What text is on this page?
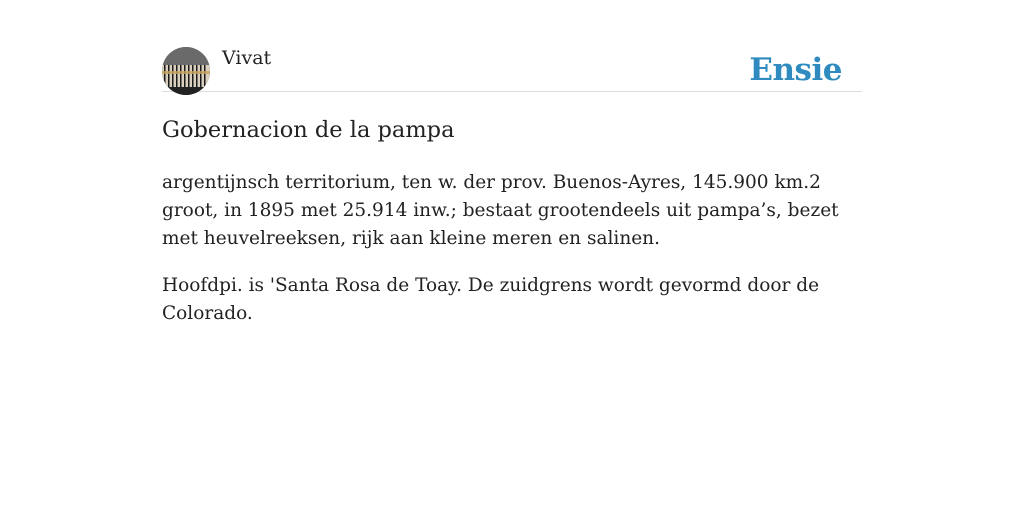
Vivat	Ensie
Gobernacion de la pampa

argentijnsch territorium, ten w. der prov. Buenos-Ayres, 145.900 km.2 groot, in 1895 met 25.914 inw.; bestaat grootendeels uit pampa’s, bezet met heuvelreeksen, rijk aan kleine meren en salinen.

Hoofdpi. is 'Santa Rosa de Toay. De zuidgrens wordt gevormd door de Colorado.
